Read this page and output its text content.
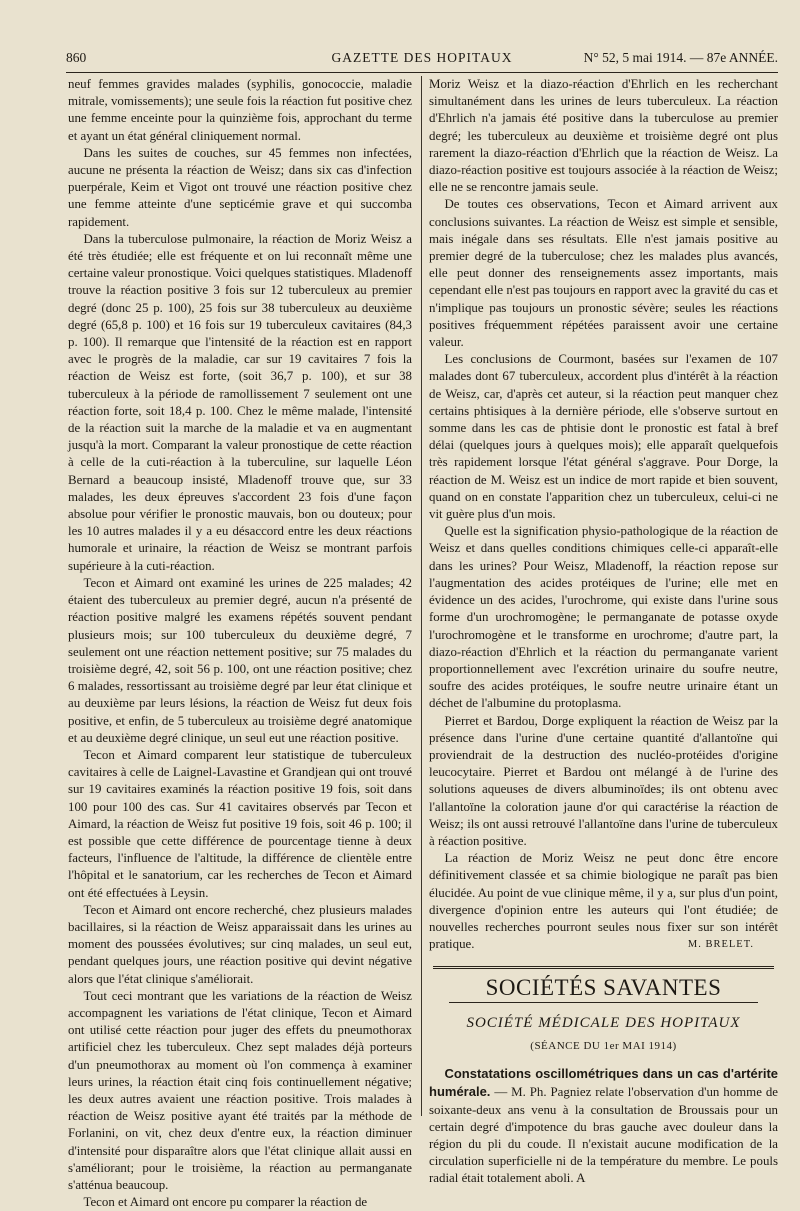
860	GAZETTE DES HOPITAUX	N° 52, 5 mai 1914. — 87e ANNÉE.

neuf femmes gravides malades (syphilis, gonococcie, maladie mitrale, vomissements); une seule fois la réaction fut positive chez une femme enceinte pour la quinzième fois, approchant du terme et ayant un état général cliniquement normal.

Dans les suites de couches, sur 45 femmes non infectées, aucune ne présenta la réaction de Weisz; dans six cas d'infection puerpérale, Keim et Vigot ont trouvé une réaction positive chez une femme atteinte d'une septicémie grave et qui succomba rapidement.

Dans la tuberculose pulmonaire, la réaction de Moriz Weisz a été très étudiée; elle est fréquente et on lui reconnaît même une certaine valeur pronostique. Voici quelques statistiques. Mladenoff trouve la réaction positive 3 fois sur 12 tuberculeux au premier degré (donc 25 p. 100), 25 fois sur 38 tuberculeux au deuxième degré (65,8 p. 100) et 16 fois sur 19 tuberculeux cavitaires (84,3 p. 100). Il remarque que l'intensité de la réaction est en rapport avec le progrès de la maladie, car sur 19 cavitaires 7 fois la réaction de Weisz est forte, (soit 36,7 p. 100), et sur 38 tuberculeux à la période de ramollissement 7 seulement ont une réaction forte, soit 18,4 p. 100. Chez le même malade, l'intensité de la réaction suit la marche de la maladie et va en augmentant jusqu'à la mort. Comparant la valeur pronostique de cette réaction à celle de la cuti-réaction à la tuberculine, sur laquelle Léon Bernard a beaucoup insisté, Mladenoff trouve que, sur 33 malades, les deux épreuves s'accordent 23 fois d'une façon absolue pour vérifier le pronostic mauvais, bon ou douteux; pour les 10 autres malades il y a eu désaccord entre les deux réactions humorale et urinaire, la réaction de Weisz se montrant parfois supérieure à la cuti-réaction.

Tecon et Aimard ont examiné les urines de 225 malades; 42 étaient des tuberculeux au premier degré, aucun n'a présenté de réaction positive malgré les examens répétés souvent pendant plusieurs mois; sur 100 tuberculeux du deuxième degré, 7 seulement ont une réaction nettement positive; sur 75 malades du troisième degré, 42, soit 56 p. 100, ont une réaction positive; chez 6 malades, ressortissant au troisième degré par leur état clinique et au deuxième par leurs lésions, la réaction de Weisz fut deux fois positive, et enfin, de 5 tuberculeux au troisième degré anatomique et au deuxième degré clinique, un seul eut une réaction positive.

Tecon et Aimard comparent leur statistique de tuberculeux cavitaires à celle de Laignel-Lavastine et Grandjean qui ont trouvé sur 19 cavitaires examinés la réaction positive 19 fois, soit dans 100 pour 100 des cas. Sur 41 cavitaires observés par Tecon et Aimard, la réaction de Weisz fut positive 19 fois, soit 46 p. 100; il est possible que cette différence de pourcentage tienne à deux facteurs, l'influence de l'altitude, la différence de clientèle entre l'hôpital et le sanatorium, car les recherches de Tecon et Aimard ont été effectuées à Leysin.

Tecon et Aimard ont encore recherché, chez plusieurs malades bacillaires, si la réaction de Weisz apparaissait dans les urines au moment des poussées évolutives; sur cinq malades, un seul eut, pendant quelques jours, une réaction positive qui devint négative alors que l'état clinique s'améliorait.

Tout ceci montrant que les variations de la réaction de Weisz accompagnent les variations de l'état clinique, Tecon et Aimard ont utilisé cette réaction pour juger des effets du pneumothorax artificiel chez les tuberculeux. Chez sept malades déjà porteurs d'un pneumothorax au moment où l'on commença à examiner leurs urines, la réaction était cinq fois continuellement négative; les deux autres avaient une réaction positive. Trois malades à réaction de Weisz positive ayant été traités par la méthode de Forlanini, on vit, chez deux d'entre eux, la réaction diminuer d'intensité pour disparaître alors que l'état clinique allait aussi en s'améliorant; pour le troisième, la réaction au permanganate s'atténua beaucoup.

Tecon et Aimard ont encore pu comparer la réaction de

Moriz Weisz et la diazo-réaction d'Ehrlich en les recherchant simultanément dans les urines de leurs tuberculeux. La réaction d'Ehrlich n'a jamais été positive dans la tuberculose au premier degré; les tuberculeux au deuxième et troisième degré ont plus rarement la diazo-réaction d'Ehrlich que la réaction de Weisz. La diazo-réaction positive est toujours associée à la réaction de Weisz; elle ne se rencontre jamais seule.

De toutes ces observations, Tecon et Aimard arrivent aux conclusions suivantes. La réaction de Weisz est simple et sensible, mais inégale dans ses résultats. Elle n'est jamais positive au premier degré de la tuberculose; chez les malades plus avancés, elle peut donner des renseignements assez importants, mais cependant elle n'est pas toujours en rapport avec la gravité du cas et n'implique pas toujours un pronostic sévère; seules les réactions positives fréquemment répétées paraissent avoir une certaine valeur.

Les conclusions de Courmont, basées sur l'examen de 107 malades dont 67 tuberculeux, accordent plus d'intérêt à la réaction de Weisz, car, d'après cet auteur, si la réaction peut manquer chez certains phtisiques à la dernière période, elle s'observe surtout en somme dans les cas de phtisie dont le pronostic est fatal à bref délai (quelques jours à quelques mois); elle apparaît quelquefois très rapidement lorsque l'état général s'aggrave. Pour Dorge, la réaction de M. Weisz est un indice de mort rapide et bien souvent, quand on en constate l'apparition chez un tuberculeux, celui-ci ne vit guère plus d'un mois.

Quelle est la signification physio-pathologique de la réaction de Weisz et dans quelles conditions chimiques celle-ci apparaît-elle dans les urines? Pour Weisz, Mladenoff, la réaction repose sur l'augmentation des acides protéiques de l'urine; elle met en évidence un des acides, l'urochrome, qui existe dans l'urine sous forme d'un urochromogène; le permanganate de potasse oxyde l'urochromogène et le transforme en urochrome; d'autre part, la diazo-réaction d'Ehrlich et la réaction du permanganate varient proportionnellement avec l'excrétion urinaire du soufre neutre, soufre des acides protéiques, le soufre neutre urinaire étant un déchet de l'albumine du protoplasma.

Pierret et Bardou, Dorge expliquent la réaction de Weisz par la présence dans l'urine d'une certaine quantité d'allantoïne qui proviendrait de la destruction des nucléo-protéides d'origine leucocytaire. Pierret et Bardou ont mélangé à de l'urine des solutions aqueuses de divers albuminoïdes; ils ont obtenu avec l'allantoïne la coloration jaune d'or qui caractérise la réaction de Weisz; ils ont aussi retrouvé l'allantoïne dans l'urine de tuberculeux à réaction positive.

La réaction de Moriz Weisz ne peut donc être encore définitivement classée et sa chimie biologique ne paraît pas bien élucidée. Au point de vue clinique même, il y a, sur plus d'un point, divergence d'opinion entre les auteurs qui l'ont étudiée; de nouvelles recherches pourront seules nous fixer sur son intérêt pratique.	M. BRELET.
SOCIÉTÉS SAVANTES
SOCIÉTÉ MÉDICALE DES HOPITAUX
(SÉANCE DU 1er MAI 1914)

Constatations oscillométriques dans un cas d'artérite humérale. — M. Ph. Pagniez relate l'observation d'un homme de soixante-deux ans venu à la consultation de Broussais pour un certain degré d'impotence du bras gauche avec douleur dans la région du pli du coude. Il n'existait aucune modification de la circulation superficielle ni de la température du membre. Le pouls radial était totalement aboli. A
